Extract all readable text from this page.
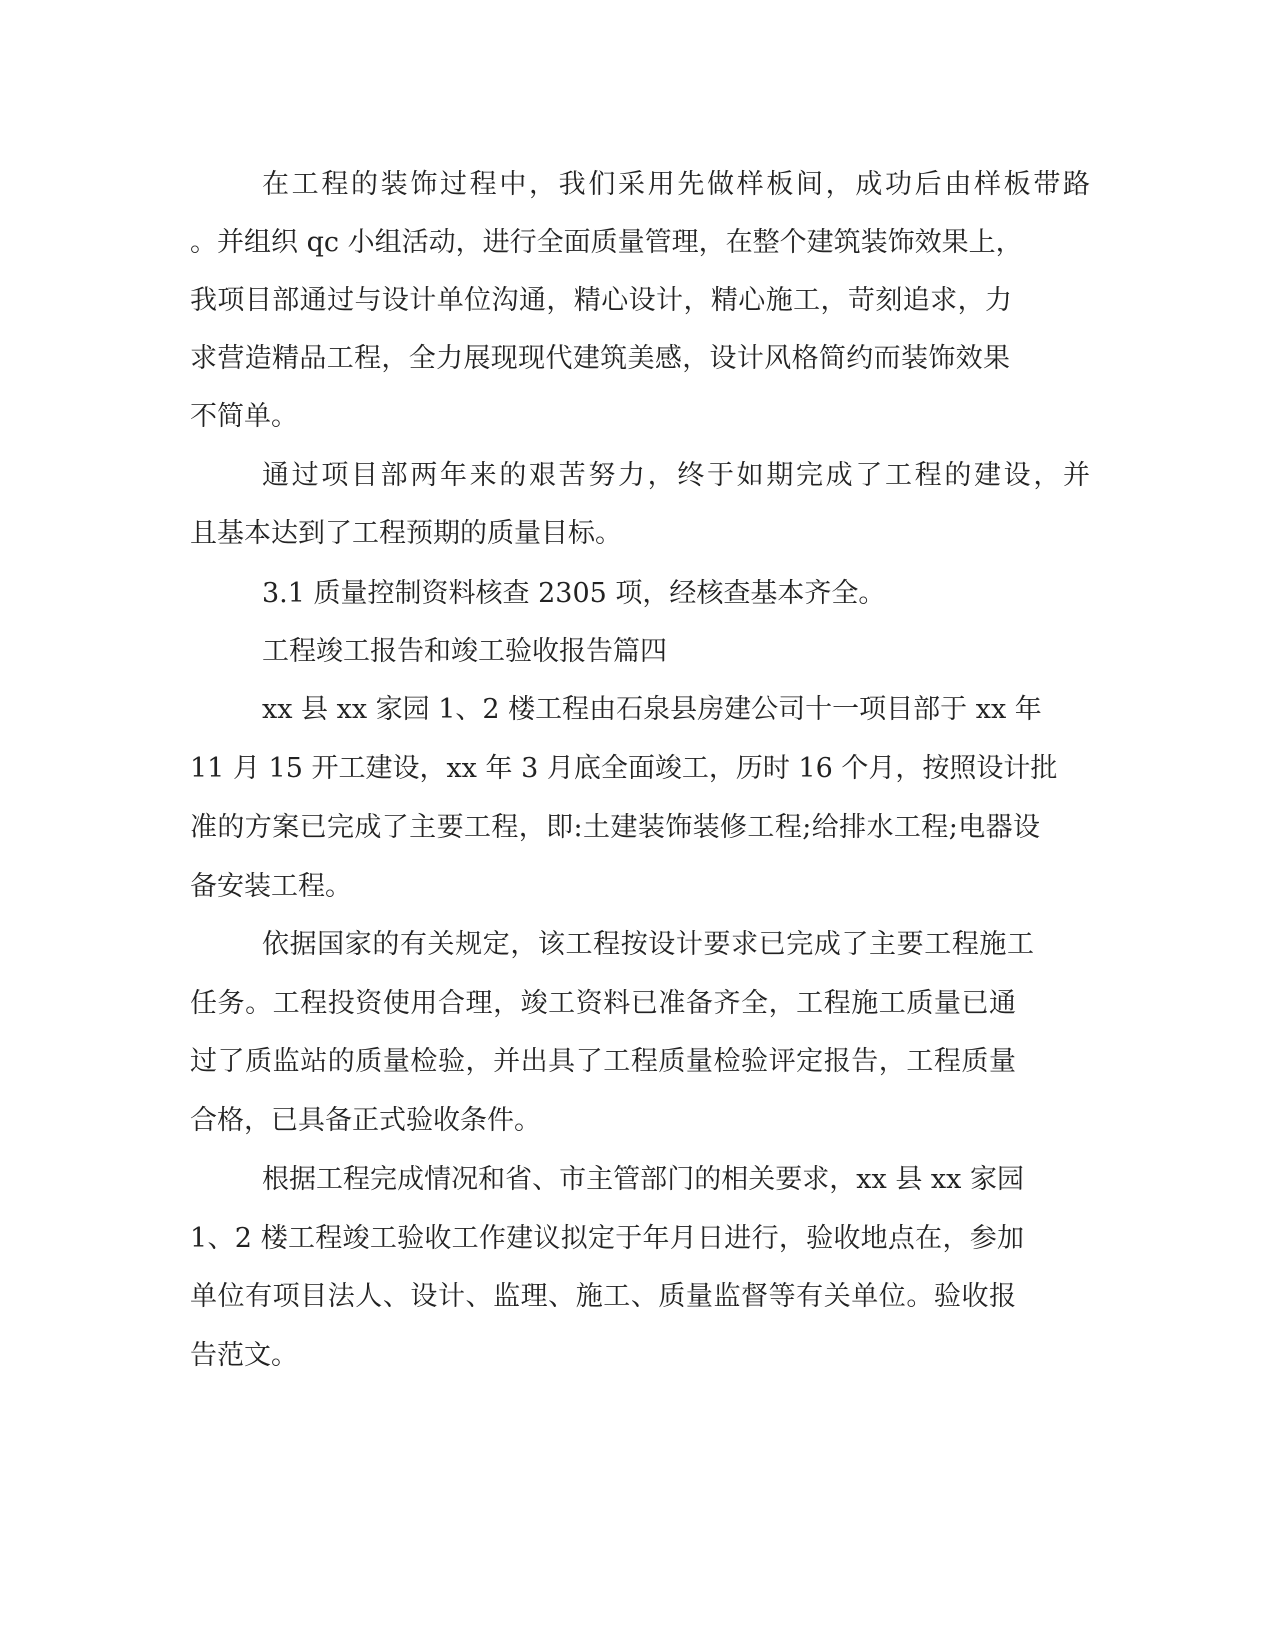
在工程的装饰过程中，我们采用先做样板间，成功后由样板带路

。并组织 qc 小组活动，进行全面质量管理，在整个建筑装饰效果上，

我项目部通过与设计单位沟通，精心设计，精心施工，苛刻追求，力

求营造精品工程，全力展现现代建筑美感，设计风格简约而装饰效果

不简单。

通过项目部两年来的艰苦努力，终于如期完成了工程的建设，并

且基本达到了工程预期的质量目标。

3.1 质量控制资料核查 2305 项，经核查基本齐全。

工程竣工报告和竣工验收报告篇四

xx 县 xx 家园 1、2 楼工程由石泉县房建公司十一项目部于 xx 年

11 月 15 开工建设，xx 年 3 月底全面竣工，历时 16 个月，按照设计批

准的方案已完成了主要工程，即:土建装饰装修工程;给排水工程;电器设

备安装工程。

依据国家的有关规定，该工程按设计要求已完成了主要工程施工

任务。工程投资使用合理，竣工资料已准备齐全，工程施工质量已通

过了质监站的质量检验，并出具了工程质量检验评定报告，工程质量

合格，已具备正式验收条件。

根据工程完成情况和省、市主管部门的相关要求，xx 县 xx 家园

1、2 楼工程竣工验收工作建议拟定于年月日进行，验收地点在，参加

单位有项目法人、设计、监理、施工、质量监督等有关单位。验收报

告范文。
